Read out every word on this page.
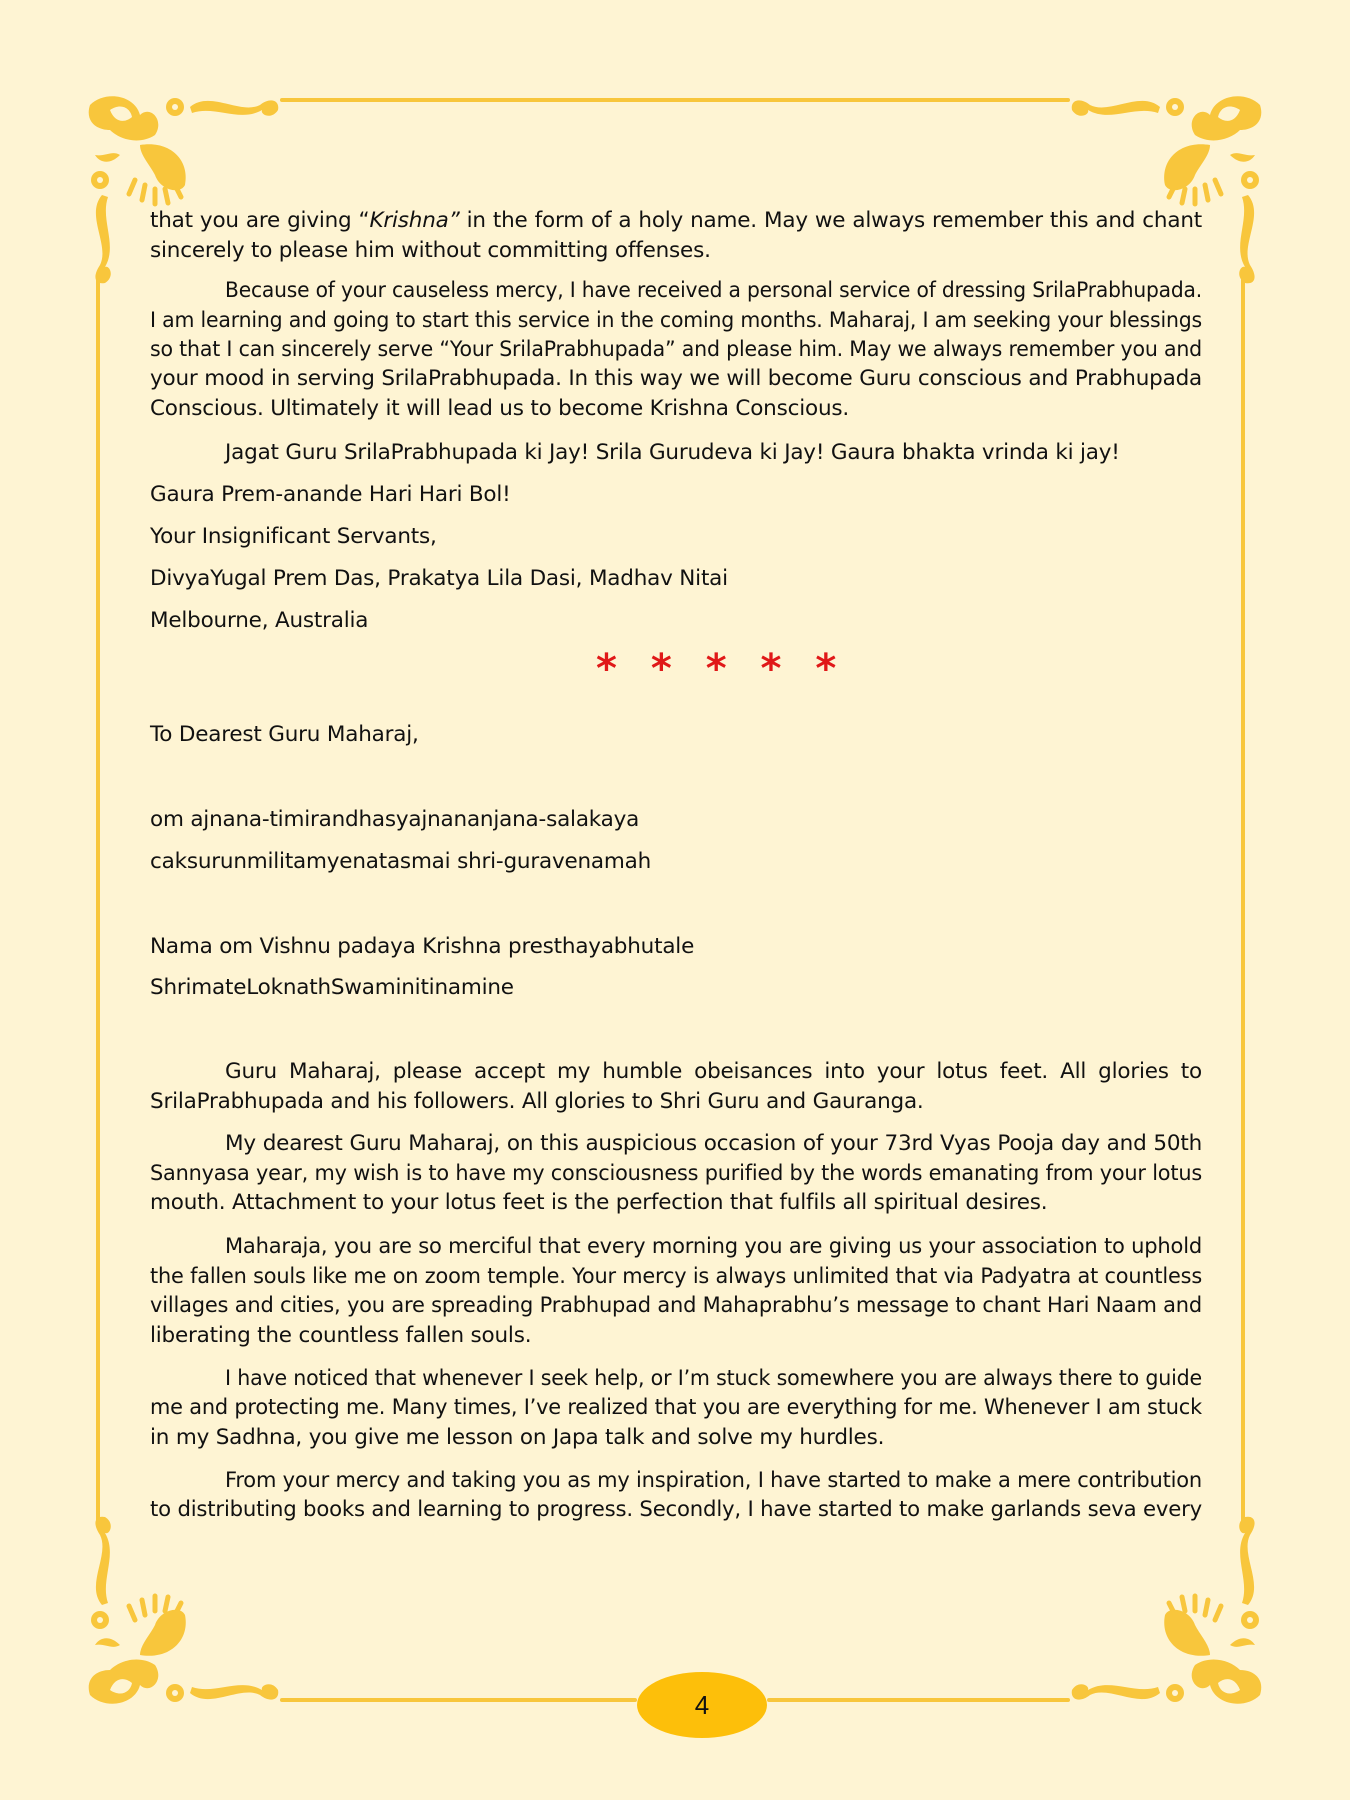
that you are giving “Krishna” in the form of a holy name. May we always remember this and chant
sincerely to please him without committing offenses.
Because of your causeless mercy, I have received a personal service of dressing SrilaPrabhupada.
I am learning and going to start this service in the coming months. Maharaj, I am seeking your blessings
so that I can sincerely serve “Your SrilaPrabhupada” and please him. May we always remember you and
your mood in serving SrilaPrabhupada. In this way we will become Guru conscious and Prabhupada
Conscious. Ultimately it will lead us to become Krishna Conscious.
Jagat Guru SrilaPrabhupada ki Jay! Srila Gurudeva ki Jay! Gaura bhakta vrinda ki jay!
Gaura Prem-anande Hari Hari Bol!
Your Insignificant Servants,
DivyaYugal Prem Das, Prakatya Lila Dasi, Madhav Nitai
Melbourne, Australia
To Dearest Guru Maharaj,
om ajnana-timirandhasyajnananjana-salakaya
caksurunmilitamyenatasmai shri-guravenamah
Nama om Vishnu padaya Krishna presthayabhutale
ShrimateLoknathSwaminitinamine
Guru Maharaj, please accept my humble obeisances into your lotus feet. All glories to
SrilaPrabhupada and his followers. All glories to Shri Guru and Gauranga.
My dearest Guru Maharaj, on this auspicious occasion of your 73rd Vyas Pooja day and 50th
Sannyasa year, my wish is to have my consciousness purified by the words emanating from your lotus
mouth. Attachment to your lotus feet is the perfection that fulfils all spiritual desires.
Maharaja, you are so merciful that every morning you are giving us your association to uphold
the fallen souls like me on zoom temple. Your mercy is always unlimited that via Padyatra at countless
villages and cities, you are spreading Prabhupad and Mahaprabhu’s message to chant Hari Naam and
liberating the countless fallen souls.
I have noticed that whenever I seek help, or I’m stuck somewhere you are always there to guide
me and protecting me. Many times, I’ve realized that you are everything for me. Whenever I am stuck
in my Sadhna, you give me lesson on Japa talk and solve my hurdles.
From your mercy and taking you as my inspiration, I have started to make a mere contribution
to distributing books and learning to progress. Secondly, I have started to make garlands seva every
* * * * *
4
